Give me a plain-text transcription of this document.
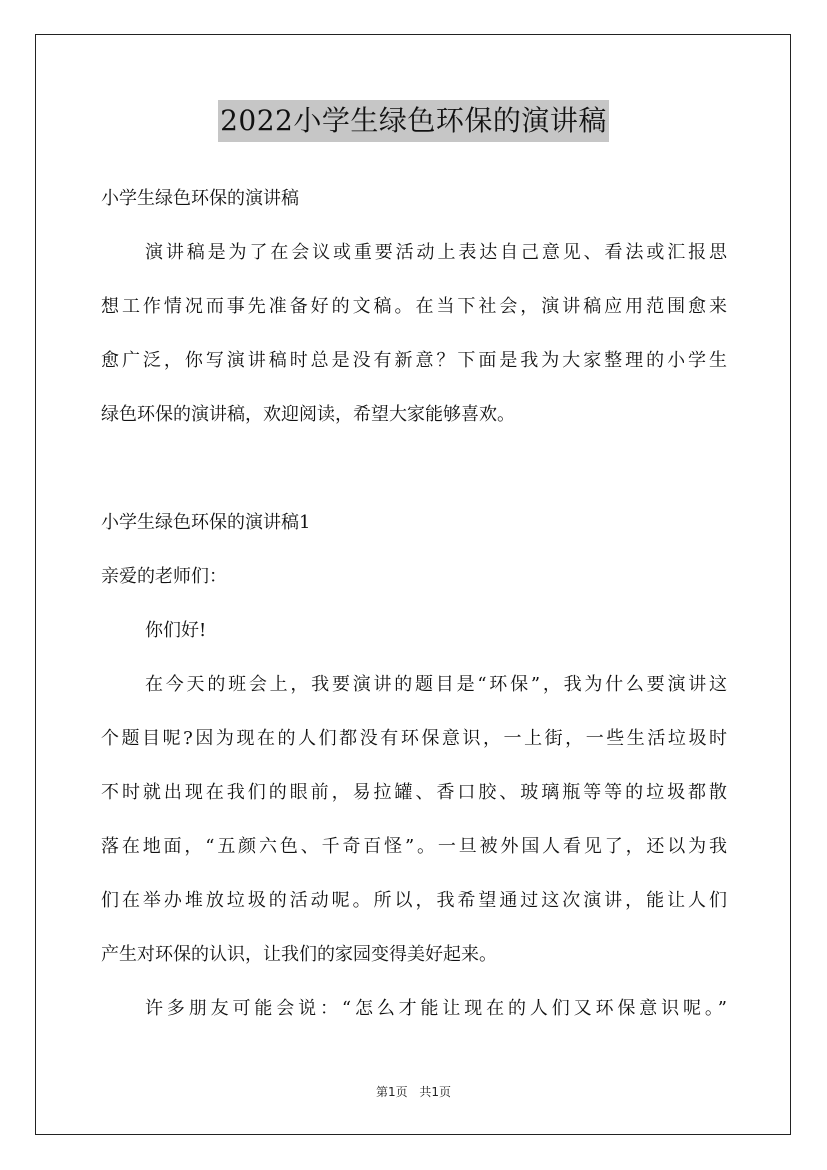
2022小学生绿色环保的演讲稿
小学生绿色环保的演讲稿
演讲稿是为了在会议或重要活动上表达自己意见、看法或汇报思
想工作情况而事先准备好的文稿。在当下社会，演讲稿应用范围愈来
愈广泛，你写演讲稿时总是没有新意？下面是我为大家整理的小学生
绿色环保的演讲稿，欢迎阅读，希望大家能够喜欢。
小学生绿色环保的演讲稿1
亲爱的老师们：
你们好!
在今天的班会上，我要演讲的题目是“环保”，我为什么要演讲这
个题目呢?因为现在的人们都没有环保意识，一上街，一些生活垃圾时
不时就出现在我们的眼前，易拉罐、香口胶、玻璃瓶等等的垃圾都散
落在地面，“五颜六色、千奇百怪”。一旦被外国人看见了，还以为我
们在举办堆放垃圾的活动呢。所以，我希望通过这次演讲，能让人们
产生对环保的认识，让我们的家园变得美好起来。
许多朋友可能会说：“怎么才能让现在的人们又环保意识呢。”
第1页 共1页
